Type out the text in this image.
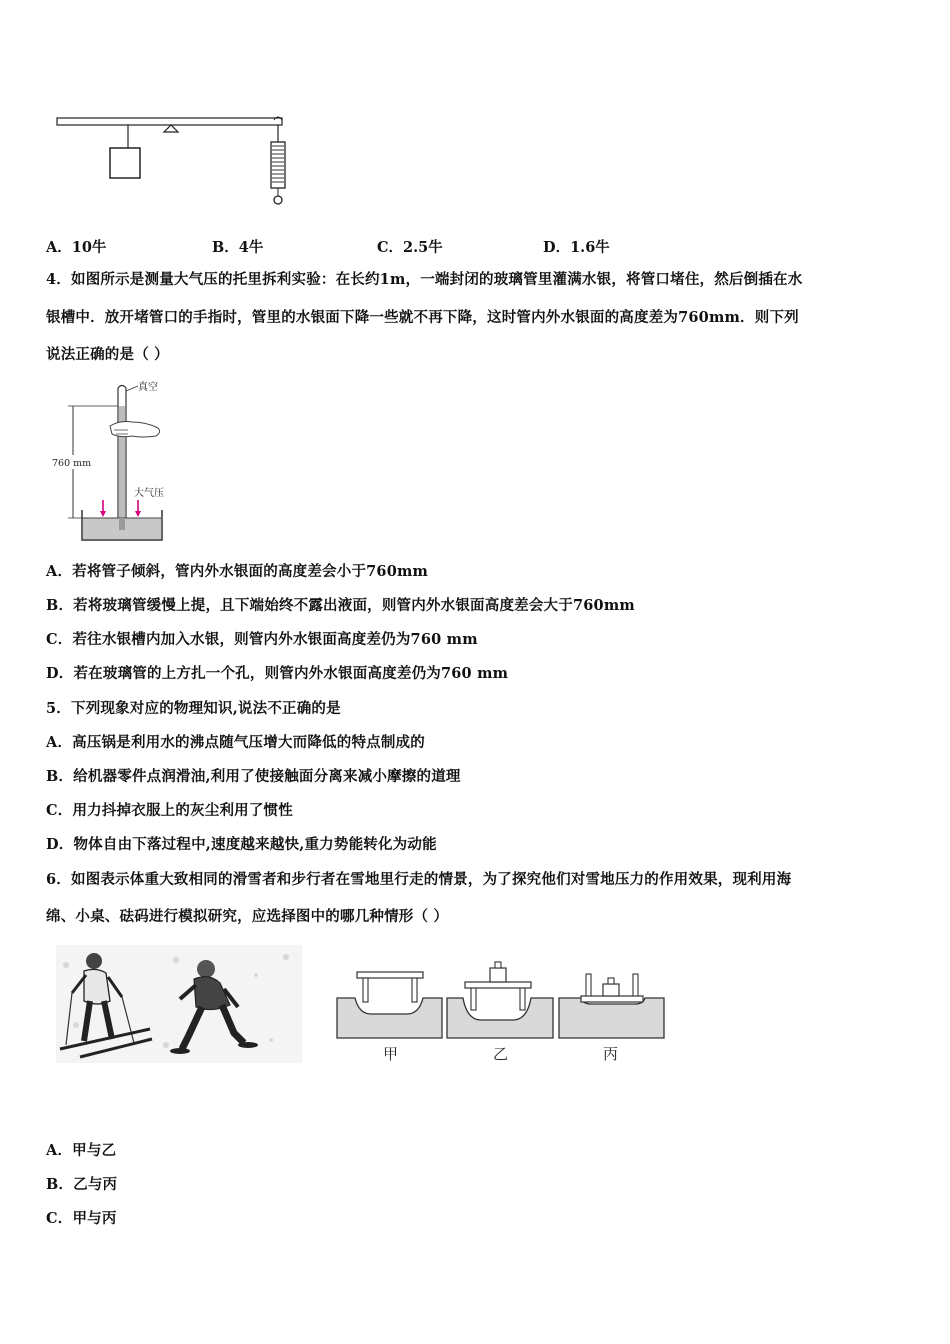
A．10牛	B．4牛	C．2.5牛	D．1.6牛
4．如图所示是测量大气压的托里拆利实验：在长约1m，一端封闭的玻璃管里灌满水银，将管口堵住，然后倒插在水
银槽中．放开堵管口的手指时，管里的水银面下降一些就不再下降，这时管内外水银面的高度差为760mm．则下列
说法正确的是（ ）
760 mm
真空
大气压
A．若将管子倾斜，管内外水银面的高度差会小于760mm
B．若将玻璃管缓慢上提，且下端始终不露出液面，则管内外水银面高度差会大于760mm
C．若往水银槽内加入水银，则管内外水银面高度差仍为760 mm
D．若在玻璃管的上方扎一个孔，则管内外水银面高度差仍为760 mm
5．下列现象对应的物理知识,说法不正确的是
A．高压锅是利用水的沸点随气压增大而降低的特点制成的
B．给机器零件点润滑油,利用了使接触面分离来减小摩擦的道理
C．用力抖掉衣服上的灰尘利用了惯性
D．物体自由下落过程中,速度越来越快,重力势能转化为动能
6．如图表示体重大致相同的滑雪者和步行者在雪地里行走的情景，为了探究他们对雪地压力的作用效果，现利用海
绵、小桌、砝码进行模拟研究，应选择图中的哪几种情形（ ）
甲	乙	丙
A．甲与乙
B．乙与丙
C．甲与丙
